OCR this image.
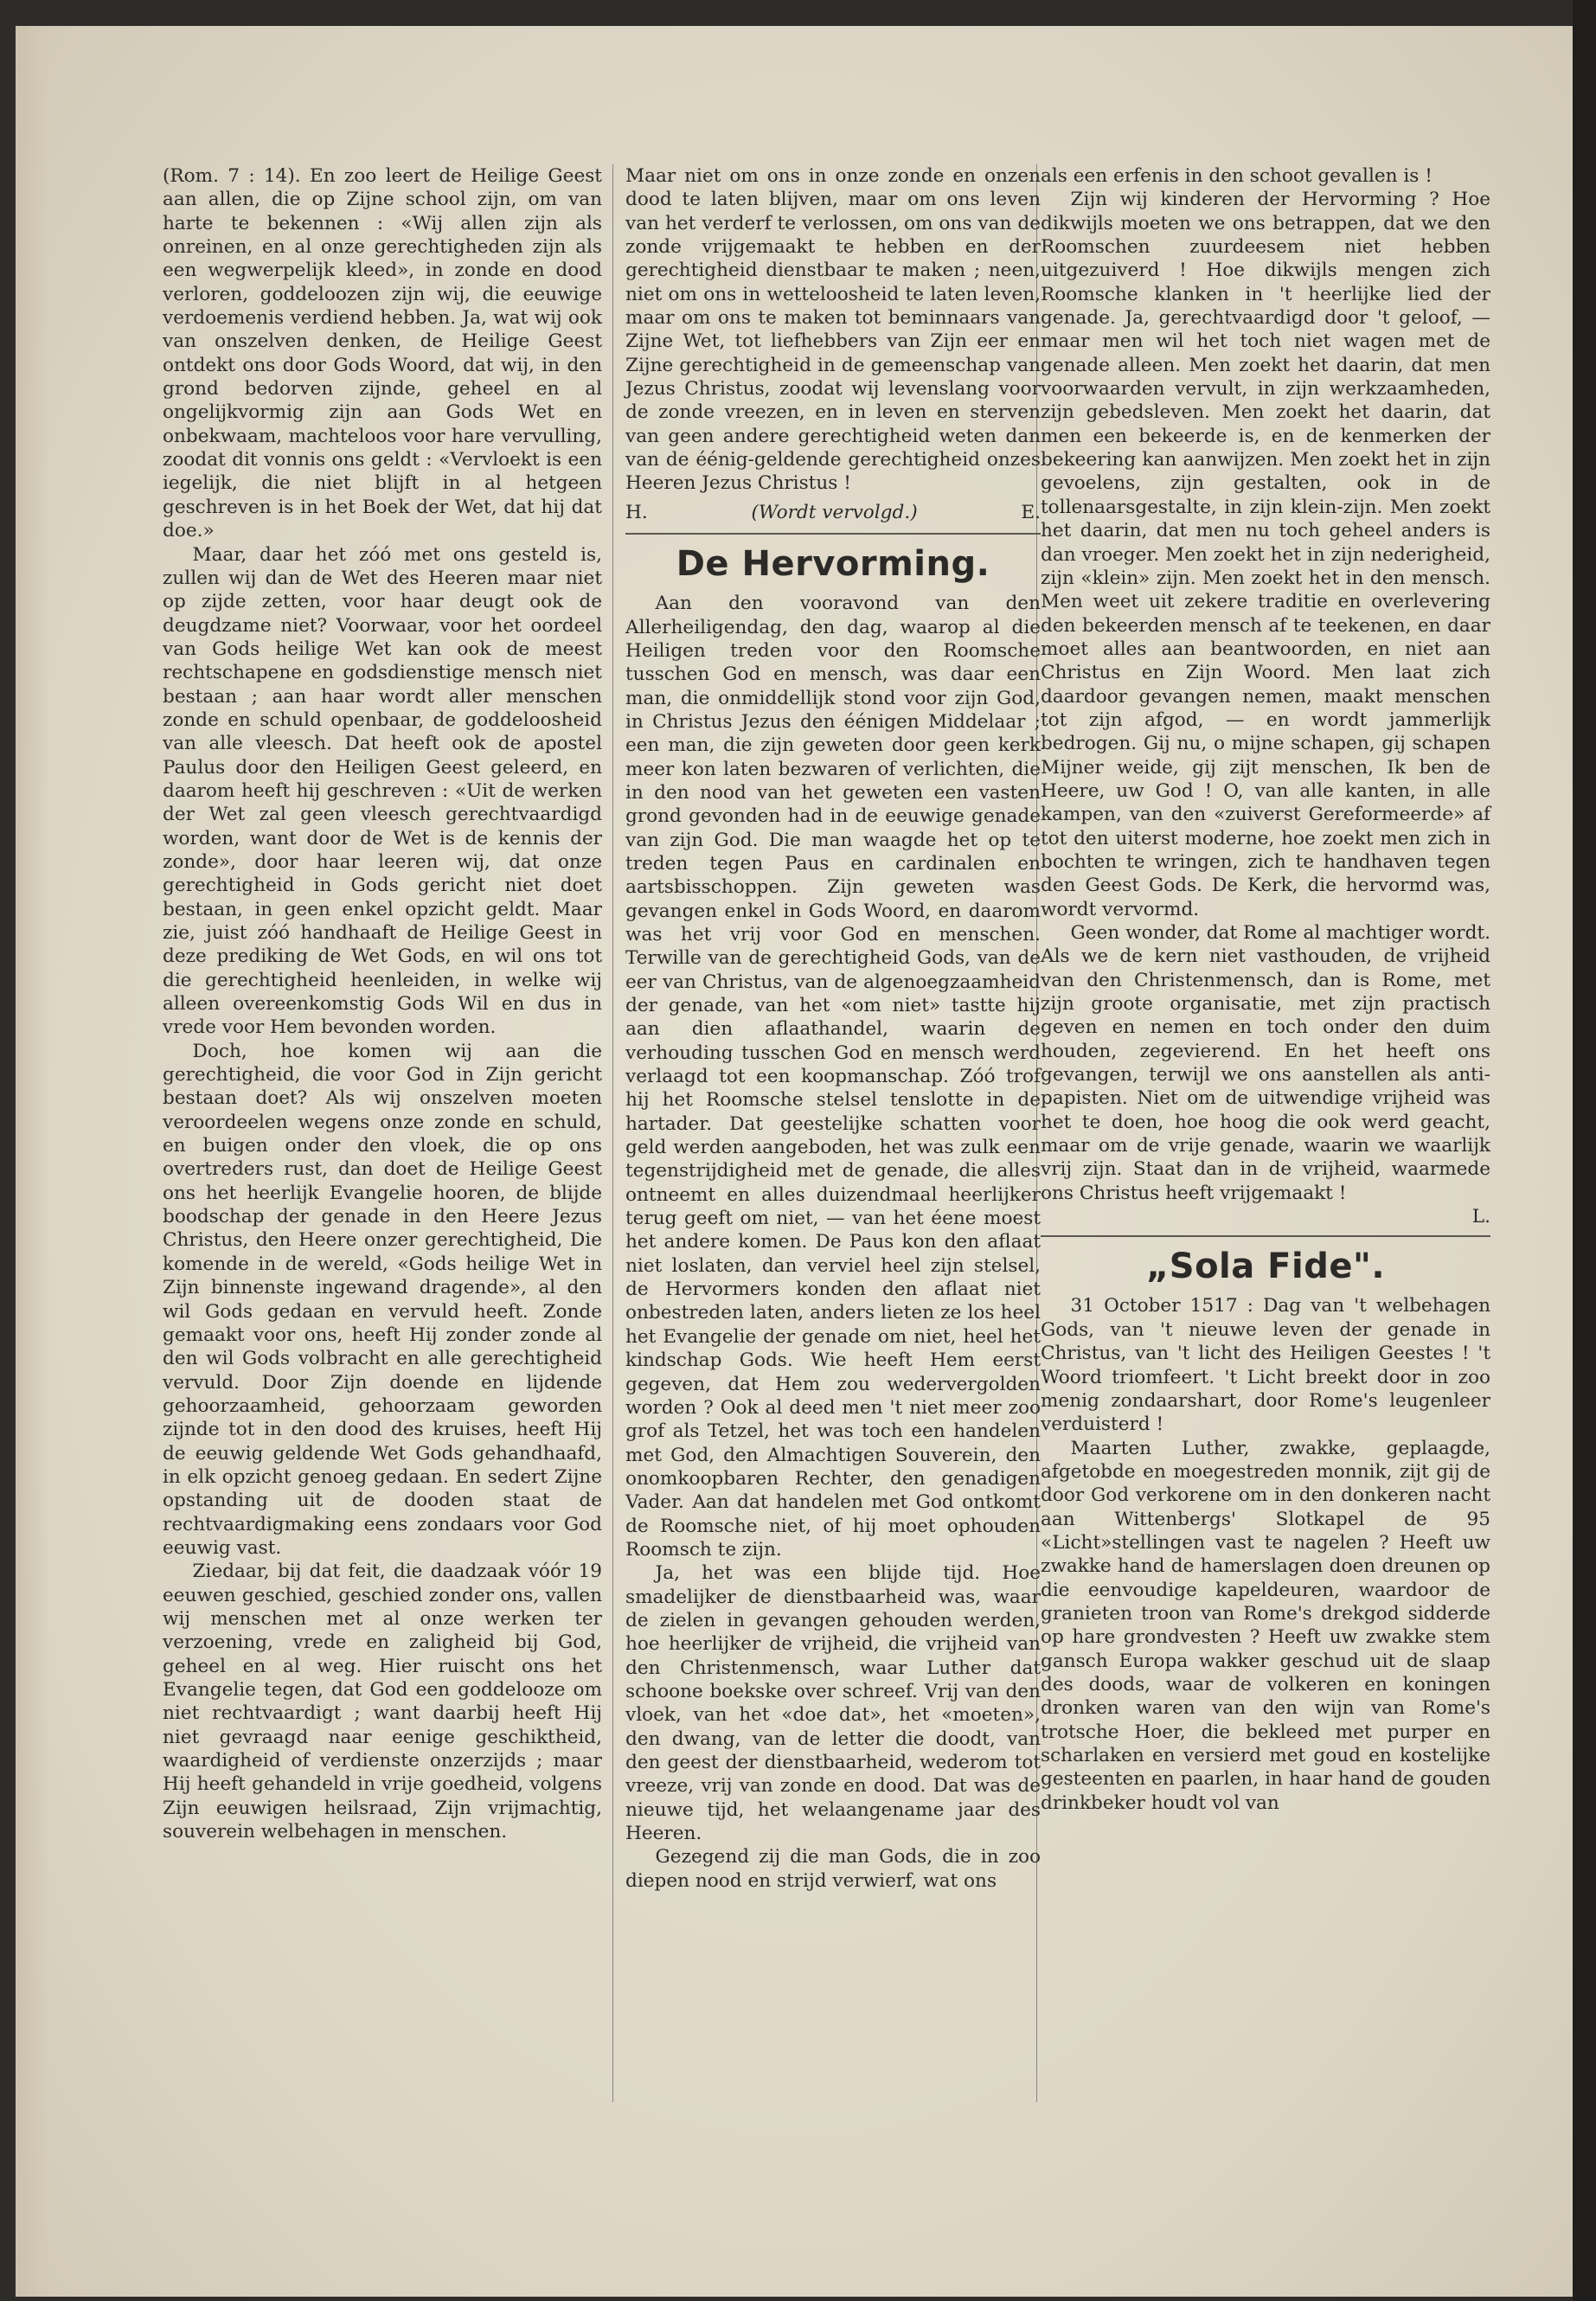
(Rom. 7 : 14). En zoo leert de Heilige Geest aan allen, die op Zijne school zijn, om van harte te bekennen : «Wij allen zijn als onreinen, en al onze gerechtigheden zijn als een wegwerpelijk kleed», in zonde en dood verloren, goddeloozen zijn wij, die eeuwige verdoemenis verdiend hebben. Ja, wat wij ook van onszelven denken, de Heilige Geest ontdekt ons door Gods Woord, dat wij, in den grond bedorven zijnde, geheel en al ongelijkvormig zijn aan Gods Wet en onbekwaam, machteloos voor hare vervulling, zoodat dit vonnis ons geldt : «Vervloekt is een iegelijk, die niet blijft in al hetgeen geschreven is in het Boek der Wet, dat hij dat doe.»

Maar, daar het zóó met ons gesteld is, zullen wij dan de Wet des Heeren maar niet op zijde zetten, voor haar deugt ook de deugdzame niet? Voorwaar, voor het oordeel van Gods heilige Wet kan ook de meest rechtschapene en godsdienstige mensch niet bestaan ; aan haar wordt aller menschen zonde en schuld openbaar, de goddeloosheid van alle vleesch. Dat heeft ook de apostel Paulus door den Heiligen Geest geleerd, en daarom heeft hij geschreven : «Uit de werken der Wet zal geen vleesch gerechtvaardigd worden, want door de Wet is de kennis der zonde», door haar leeren wij, dat onze gerechtigheid in Gods gericht niet doet bestaan, in geen enkel opzicht geldt. Maar zie, juist zóó handhaaft de Heilige Geest in deze prediking de Wet Gods, en wil ons tot die gerechtigheid heenleiden, in welke wij alleen overeenkomstig Gods Wil en dus in vrede voor Hem bevonden worden.

Doch, hoe komen wij aan die gerechtigheid, die voor God in Zijn gericht bestaan doet? Als wij onszelven moeten veroordeelen wegens onze zonde en schuld, en buigen onder den vloek, die op ons overtreders rust, dan doet de Heilige Geest ons het heerlijk Evangelie hooren, de blijde boodschap der genade in den Heere Jezus Christus, den Heere onzer gerechtigheid, Die komende in de wereld, «Gods heilige Wet in Zijn binnenste ingewand dragende», al den wil Gods gedaan en vervuld heeft. Zonde gemaakt voor ons, heeft Hij zonder zonde al den wil Gods volbracht en alle gerechtigheid vervuld. Door Zijn doende en lijdende gehoorzaamheid, gehoorzaam geworden zijnde tot in den dood des kruises, heeft Hij de eeuwig geldende Wet Gods gehandhaafd, in elk opzicht genoeg gedaan. En sedert Zijne opstanding uit de dooden staat de rechtvaardigmaking eens zondaars voor God eeuwig vast.

Ziedaar, bij dat feit, die daadzaak vóór 19 eeuwen geschied, geschied zonder ons, vallen wij menschen met al onze werken ter verzoening, vrede en zaligheid bij God, geheel en al weg. Hier ruischt ons het Evangelie tegen, dat God een goddelooze om niet rechtvaardigt ; want daarbij heeft Hij niet gevraagd naar eenige geschiktheid, waardigheid of verdienste onzerzijds ; maar Hij heeft gehandeld in vrije goedheid, volgens Zijn eeuwigen heilsraad, Zijn vrijmachtig, souverein welbehagen in menschen.

Maar niet om ons in onze zonde en onzen dood te laten blijven, maar om ons leven van het verderf te verlossen, om ons van de zonde vrijgemaakt te hebben en der gerechtigheid dienstbaar te maken ; neen, niet om ons in wetteloosheid te laten leven, maar om ons te maken tot beminnaars van Zijne Wet, tot liefhebbers van Zijn eer en Zijne gerechtigheid in de gemeenschap van Jezus Christus, zoodat wij levenslang voor de zonde vreezen, en in leven en sterven van geen andere gerechtigheid weten dan van de éénig-geldende gerechtigheid onzes Heeren Jezus Christus !

H.	(Wordt vervolgd.)	E.
De Hervorming.

Aan den vooravond van den Allerheiligendag, den dag, waarop al die Heiligen treden voor den Roomsche tusschen God en mensch, was daar een man, die onmiddellijk stond voor zijn God, in Christus Jezus den éénigen Middelaar ; een man, die zijn geweten door geen kerk meer kon laten bezwaren of verlichten, die in den nood van het geweten een vasten grond gevonden had in de eeuwige genade van zijn God. Die man waagde het op te treden tegen Paus en cardinalen en aartsbisschoppen. Zijn geweten was gevangen enkel in Gods Woord, en daarom was het vrij voor God en menschen. Terwille van de gerechtigheid Gods, van de eer van Christus, van de algenoegzaamheid der genade, van het «om niet» tastte hij aan dien aflaathandel, waarin de verhouding tusschen God en mensch werd verlaagd tot een koopmanschap. Zóó trof hij het Roomsche stelsel tenslotte in de hartader. Dat geestelijke schatten voor geld werden aangeboden, het was zulk een tegenstrijdigheid met de genade, die alles ontneemt en alles duizendmaal heerlijker terug geeft om niet, — van het éene moest het andere komen. De Paus kon den aflaat niet loslaten, dan verviel heel zijn stelsel, de Hervormers konden den aflaat niet onbestreden laten, anders lieten ze los heel het Evangelie der genade om niet, heel het kindschap Gods. Wie heeft Hem eerst gegeven, dat Hem zou wedervergolden worden ? Ook al deed men 't niet meer zoo grof als Tetzel, het was toch een handelen met God, den Almachtigen Souverein, den onomkoopbaren Rechter, den genadigen Vader. Aan dat handelen met God ontkomt de Roomsche niet, of hij moet ophouden Roomsch te zijn.

Ja, het was een blijde tijd. Hoe smadelijker de dienstbaarheid was, waar de zielen in gevangen gehouden werden, hoe heerlijker de vrijheid, die vrijheid van den Christenmensch, waar Luther dat schoone boekske over schreef. Vrij van den vloek, van het «doe dat», het «moeten», den dwang, van de letter die doodt, van den geest der dienstbaarheid, wederom tot vreeze, vrij van zonde en dood. Dat was de nieuwe tijd, het welaangename jaar des Heeren.

Gezegend zij die man Gods, die in zoo diepen nood en strijd verwierf, wat ons

als een erfenis in den schoot gevallen is !

Zijn wij kinderen der Hervorming ? Hoe dikwijls moeten we ons betrappen, dat we den Roomschen zuurdeesem niet hebben uitgezuiverd ! Hoe dikwijls mengen zich Roomsche klanken in 't heerlijke lied der genade. Ja, gerechtvaardigd door 't geloof, — maar men wil het toch niet wagen met de genade alleen. Men zoekt het daarin, dat men voorwaarden vervult, in zijn werkzaamheden, zijn gebedsleven. Men zoekt het daarin, dat men een bekeerde is, en de kenmerken der bekeering kan aanwijzen. Men zoekt het in zijn gevoelens, zijn gestalten, ook in de tollenaarsgestalte, in zijn klein-zijn. Men zoekt het daarin, dat men nu toch geheel anders is dan vroeger. Men zoekt het in zijn nederigheid, zijn «klein» zijn. Men zoekt het in den mensch. Men weet uit zekere traditie en overlevering den bekeerden mensch af te teekenen, en daar moet alles aan beantwoorden, en niet aan Christus en Zijn Woord. Men laat zich daardoor gevangen nemen, maakt menschen tot zijn afgod, — en wordt jammerlijk bedrogen. Gij nu, o mijne schapen, gij schapen Mijner weide, gij zijt menschen, Ik ben de Heere, uw God ! O, van alle kanten, in alle kampen, van den «zuiverst Gereformeerde» af tot den uiterst moderne, hoe zoekt men zich in bochten te wringen, zich te handhaven tegen den Geest Gods. De Kerk, die hervormd was, wordt vervormd.

Geen wonder, dat Rome al machtiger wordt. Als we de kern niet vasthouden, de vrijheid van den Christenmensch, dan is Rome, met zijn groote organisatie, met zijn practisch geven en nemen en toch onder den duim houden, zegevierend. En het heeft ons gevangen, terwijl we ons aanstellen als anti-papisten. Niet om de uitwendige vrijheid was het te doen, hoe hoog die ook werd geacht, maar om de vrije genade, waarin we waarlijk vrij zijn. Staat dan in de vrijheid, waarmede ons Christus heeft vrijgemaakt !

L.
„Sola Fide".

31 October 1517 : Dag van 't welbehagen Gods, van 't nieuwe leven der genade in Christus, van 't licht des Heiligen Geestes ! 't Woord triomfeert. 't Licht breekt door in zoo menig zondaarshart, door Rome's leugenleer verduisterd !

Maarten Luther, zwakke, geplaagde, afgetobde en moegestreden monnik, zijt gij de door God verkorene om in den donkeren nacht aan Wittenbergs' Slotkapel de 95 «Licht»stellingen vast te nagelen ? Heeft uw zwakke hand de hamerslagen doen dreunen op die eenvoudige kapeldeuren, waardoor de granieten troon van Rome's drekgod sidderde op hare grondvesten ? Heeft uw zwakke stem gansch Europa wakker geschud uit de slaap des doods, waar de volkeren en koningen dronken waren van den wijn van Rome's trotsche Hoer, die bekleed met purper en scharlaken en versierd met goud en kostelijke gesteenten en paarlen, in haar hand de gouden drinkbeker houdt vol van
